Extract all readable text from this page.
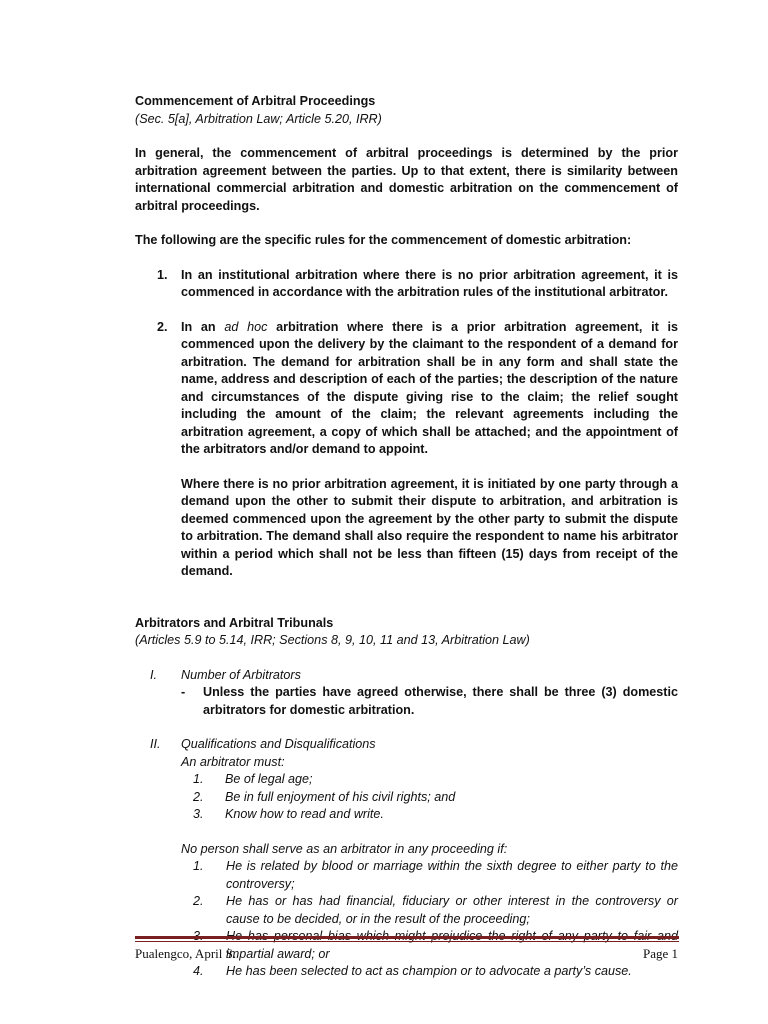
Commencement of Arbitral Proceedings

(Sec. 5[a], Arbitration Law; Article 5.20, IRR)

In general, the commencement of arbitral proceedings is determined by the prior arbitration agreement between the parties. Up to that extent, there is similarity between international commercial arbitration and domestic arbitration on the commencement of arbitral proceedings.

The following are the specific rules for the commencement of domestic arbitration:

1. In an institutional arbitration where there is no prior arbitration agreement, it is commenced in accordance with the arbitration rules of the institutional arbitrator.

2. In an ad hoc arbitration where there is a prior arbitration agreement, it is commenced upon the delivery by the claimant to the respondent of a demand for arbitration. The demand for arbitration shall be in any form and shall state the name, address and description of each of the parties; the description of the nature and circumstances of the dispute giving rise to the claim; the relief sought including the amount of the claim; the relevant agreements including the arbitration agreement, a copy of which shall be attached; and the appointment of the arbitrators and/or demand to appoint.

Where there is no prior arbitration agreement, it is initiated by one party through a demand upon the other to submit their dispute to arbitration, and arbitration is deemed commenced upon the agreement by the other party to submit the dispute to arbitration. The demand shall also require the respondent to name his arbitrator within a period which shall not be less than fifteen (15) days from receipt of the demand.

Arbitrators and Arbitral Tribunals

(Articles 5.9 to 5.14, IRR; Sections 8, 9, 10, 11 and 13, Arbitration Law)

I. Number of Arbitrators

- Unless the parties have agreed otherwise, there shall be three (3) domestic arbitrators for domestic arbitration.

II. Qualifications and Disqualifications

An arbitrator must:

1. Be of legal age;

2. Be in full enjoyment of his civil rights; and

3. Know how to read and write.

No person shall serve as an arbitrator in any proceeding if:

1. He is related by blood or marriage within the sixth degree to either party to the controversy;

2. He has or has had financial, fiduciary or other interest in the controversy or cause to be decided, or in the result of the proceeding;

impartial award; or

4. He has been selected to act as champion or to advocate a party’s cause.

Pualengco, April S.	Page 1
